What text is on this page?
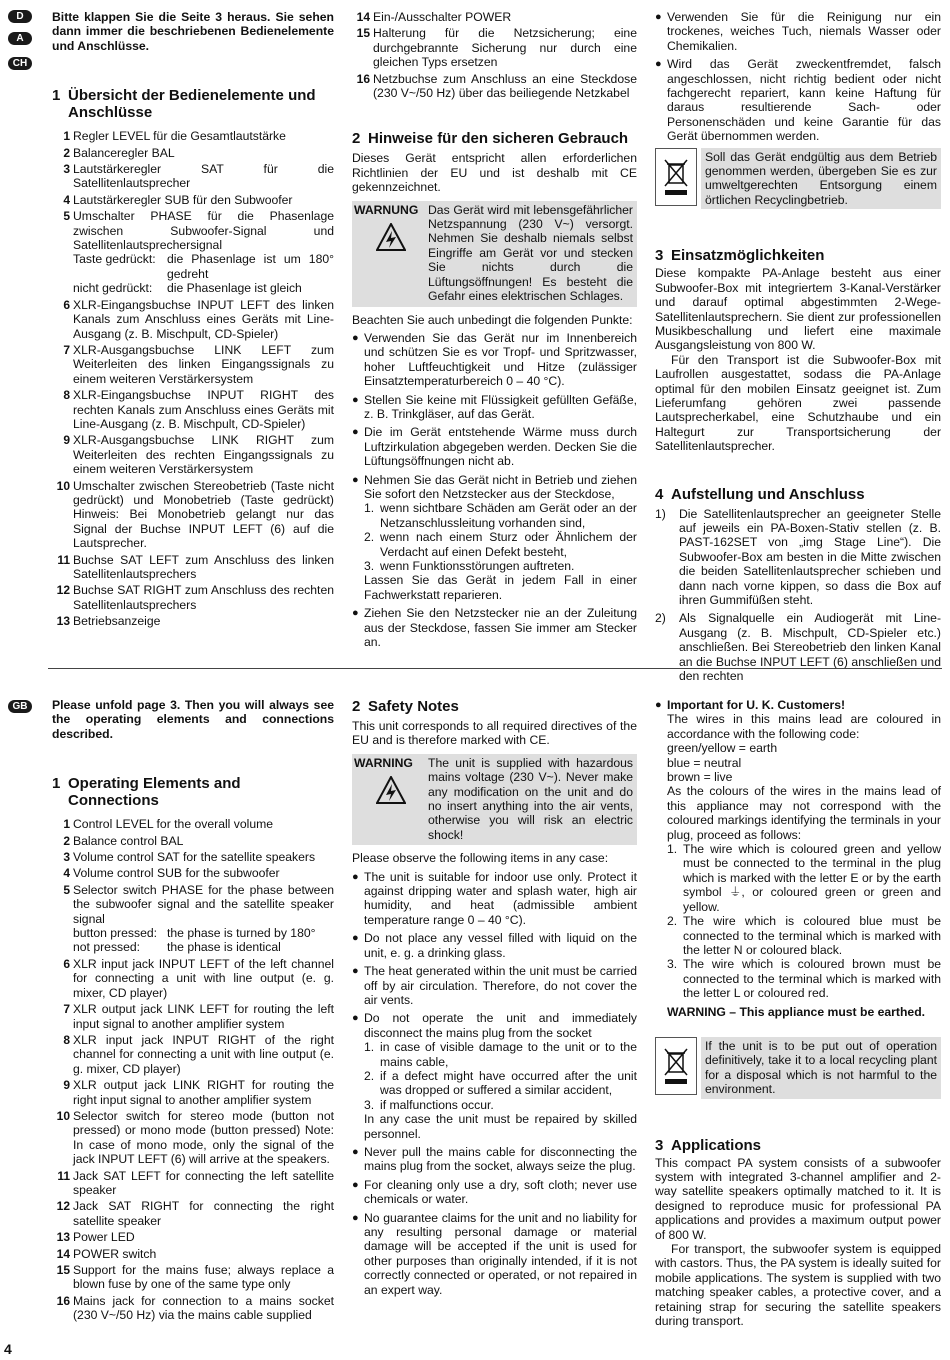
D
A
CH
GB

Bitte klappen Sie die Seite 3 heraus. Sie sehen dann immer die beschriebenen Bedienelemente und Anschlüsse.

1 Übersicht der Bedienelemente und Anschlüsse
1 Regler LEVEL für die Gesamtlautstärke
2 Balanceregler BAL
3 Lautstärkeregler SAT für die Satellitenlautsprecher
4 Lautstärkeregler SUB für den Subwoofer
5 Umschalter PHASE für die Phasenlage zwischen Subwoofer-Signal und Satellitenlautsprechersignal
Taste gedrückt: die Phasenlage ist um 180° gedreht
nicht gedrückt:	die Phasenlage ist gleich
6 XLR-Eingangsbuchse INPUT LEFT des linken Kanals zum Anschluss eines Geräts mit Line-Ausgang (z. B. Mischpult, CD-Spieler)
7 XLR-Ausgangsbuchse LINK LEFT zum Weiterleiten des linken Eingangssignals zu einem weiteren Verstärkersystem
8 XLR-Eingangsbuchse INPUT RIGHT des rechten Kanals zum Anschluss eines Geräts mit Line-Ausgang (z. B. Mischpult, CD-Spieler)
9 XLR-Ausgangsbuchse LINK RIGHT zum Weiterleiten des rechten Eingangssignals zu einem weiteren Verstärkersystem
10 Umschalter zwischen Stereobetrieb (Taste nicht gedrückt) und Monobetrieb (Taste gedrückt) Hinweis: Bei Monobetrieb gelangt nur das Signal der Buchse INPUT LEFT (6) auf die Lautsprecher.
11 Buchse SAT LEFT zum Anschluss des linken Satellitenlautsprechers
12 Buchse SAT RIGHT zum Anschluss des rechten Satellitenlautsprechers
13 Betriebsanzeige
14 Ein-/Ausschalter POWER
15 Halterung für die Netzsicherung; eine durchgebrannte Sicherung nur durch eine gleichen Typs ersetzen
16 Netzbuchse zum Anschluss an eine Steckdose (230 V~/50 Hz) über das beiliegende Netzkabel
2 Hinweise für den sicheren Gebrauch

Dieses Gerät entspricht allen erforderlichen Richtlinien der EU und ist deshalb mit CE gekennzeichnet.

WARNUNG Das Gerät wird mit lebensgefährlicher Netzspannung (230 V~) versorgt. Nehmen Sie deshalb niemals selbst Eingriffe am Gerät vor und stecken Sie nichts durch die Lüftungsöffnungen! Es besteht die Gefahr eines elektrischen Schlages.

Beachten Sie auch unbedingt die folgenden Punkte:

● Verwenden Sie das Gerät nur im Innenbereich und schützen Sie es vor Tropf- und Spritzwasser, hoher Luftfeuchtigkeit und Hitze (zulässiger Einsatztemperaturbereich 0 – 40 °C).
● Stellen Sie keine mit Flüssigkeit gefüllten Gefäße, z. B. Trinkgläser, auf das Gerät.
● Die im Gerät entstehende Wärme muss durch Luftzirkulation abgegeben werden. Decken Sie die Lüftungsöffnungen nicht ab.
● Nehmen Sie das Gerät nicht in Betrieb und ziehen Sie sofort den Netzstecker aus der Steckdose,
1. wenn sichtbare Schäden am Gerät oder an der Netzanschlussleitung vorhanden sind,
2. wenn nach einem Sturz oder Ähnlichem der Verdacht auf einen Defekt besteht,
3. wenn Funktionsstörungen auftreten.
Lassen Sie das Gerät in jedem Fall in einer Fachwerkstatt reparieren.
● Ziehen Sie den Netzstecker nie an der Zuleitung aus der Steckdose, fassen Sie immer am Stecker an.
● Verwenden Sie für die Reinigung nur ein trockenes, weiches Tuch, niemals Wasser oder Chemikalien.
● Wird das Gerät zweckentfremdet, falsch angeschlossen, nicht richtig bedient oder nicht fachgerecht repariert, kann keine Haftung für daraus resultierende Sach- oder Personenschäden und keine Garantie für das Gerät übernommen werden.
Soll das Gerät endgültig aus dem Betrieb genommen werden, übergeben Sie es zur umweltgerechten Entsorgung einem örtlichen Recyclingbetrieb.
3 Einsatzmöglichkeiten

Diese kompakte PA-Anlage besteht aus einer Subwoofer-Box mit integriertem 3-Kanal-Verstärker und darauf optimal abgestimmten 2-Wege-Satellitenlautsprechern. Sie dient zur professionellen Musikbeschallung und liefert eine maximale Ausgangsleistung von 800 W.

Für den Transport ist die Subwoofer-Box mit Laufrollen ausgestattet, sodass die PA-Anlage optimal für den mobilen Einsatz geeignet ist. Zum Lieferumfang gehören zwei passende Lautsprecherkabel, eine Schutzhaube und ein Haltegurt zur Transportsicherung der Satellitenlautsprecher.

4 Aufstellung und Anschluss
1)	Die Satellitenlautsprecher an geeigneter Stelle auf jeweils ein PA-Boxen-Stativ stellen (z. B. PAST-162SET von „img Stage Line“). Die Subwoofer-Box am besten in die Mitte zwischen die beiden Satellitenlautsprecher schieben und dann nach vorne kippen, so dass die Box auf ihren Gummifüßen steht.
2)	Als Signalquelle ein Audiogerät mit Line-Ausgang (z. B. Mischpult, CD-Spieler etc.) anschließen. Bei Stereobetrieb den linken Kanal an die Buchse INPUT LEFT (6) anschließen und den rechten

Please unfold page 3. Then you will always see the operating elements and connections described.

1 Operating Elements and Connections
1 Control LEVEL for the overall volume
2 Balance control BAL
3 Volume control SAT for the satellite speakers
4 Volume control SUB for the subwoofer
5 Selector switch PHASE for the phase between the subwoofer signal and the satellite speaker signal
button pressed: the phase is turned by 180°
not pressed:	the phase is identical
6 XLR input jack INPUT LEFT of the left channel for connecting a unit with line output (e. g. mixer, CD player)
7 XLR output jack LINK LEFT for routing the left input signal to another amplifier system
8 XLR input jack INPUT RIGHT of the right channel for connecting a unit with line output (e. g. mixer, CD player)
9 XLR output jack LINK RIGHT for routing the right input signal to another amplifier system
10 Selector switch for stereo mode (button not pressed) or mono mode (button pressed) Note: In case of mono mode, only the signal of the jack INPUT LEFT (6) will arrive at the speakers.
11 Jack SAT LEFT for connecting the left satellite speaker
12 Jack SAT RIGHT for connecting the right satellite speaker
13 Power LED
14 POWER switch
15 Support for the mains fuse; always replace a blown fuse by one of the same type only
16 Mains jack for connection to a mains socket (230 V~/50 Hz) via the mains cable supplied
2 Safety Notes

This unit corresponds to all required directives of the EU and is therefore marked with CE.

WARNING	The unit is supplied with hazardous mains voltage (230 V~). Never make any modification on the unit and do no insert anything into the air vents, otherwise you will risk an electric shock!

Please observe the following items in any case:

● The unit is suitable for indoor use only. Protect it against dripping water and splash water, high air humidity, and heat (admissible ambient temperature range 0 – 40 °C).
● Do not place any vessel filled with liquid on the unit, e. g. a drinking glass.
● The heat generated within the unit must be carried off by air circulation. Therefore, do not cover the air vents.
● Do not operate the unit and immediately disconnect the mains plug from the socket
1. in case of visible damage to the unit or to the mains cable,
2. if a defect might have occurred after the unit was dropped or suffered a similar accident,
3. if malfunctions occur.
In any case the unit must be repaired by skilled personnel.
● Never pull the mains cable for disconnecting the mains plug from the socket, always seize the plug.
● For cleaning only use a dry, soft cloth; never use chemicals or water.
● No guarantee claims for the unit and no liability for any resulting personal damage or material damage will be accepted if the unit is used for other purposes than originally intended, if it is not correctly connected or operated, or not repaired in an expert way.
● Important for U. K. Customers!
The wires in this mains lead are coloured in accordance with the following code:
green/yellow = earth
blue = neutral
brown = live
As the colours of the wires in the mains lead of this appliance may not correspond with the coloured markings identifying the terminals in your plug, proceed as follows:
1. The wire which is coloured green and yellow must be connected to the terminal in the plug which is marked with the letter E or by the earth symbol ⏚, or coloured green or green and yellow.
2. The wire which is coloured blue must be connected to the terminal which is marked with the letter N or coloured black.
3. The wire which is coloured brown must be connected to the terminal which is marked with the letter L or coloured red.
WARNING – This appliance must be earthed.
If the unit is to be put out of operation definitively, take it to a local recycling plant for a disposal which is not harmful to the environment.
3 Applications

This compact PA system consists of a subwoofer system with integrated 3-channel amplifier and 2-way satellite speakers optimally matched to it. It is designed to reproduce music for professional PA applications and provides a maximum output power of 800 W.

For transport, the subwoofer system is equipped with castors. Thus, the PA system is ideally suited for mobile applications. The system is supplied with two matching speaker cables, a protective cover, and a retaining strap for securing the satellite speakers during transport.

4
